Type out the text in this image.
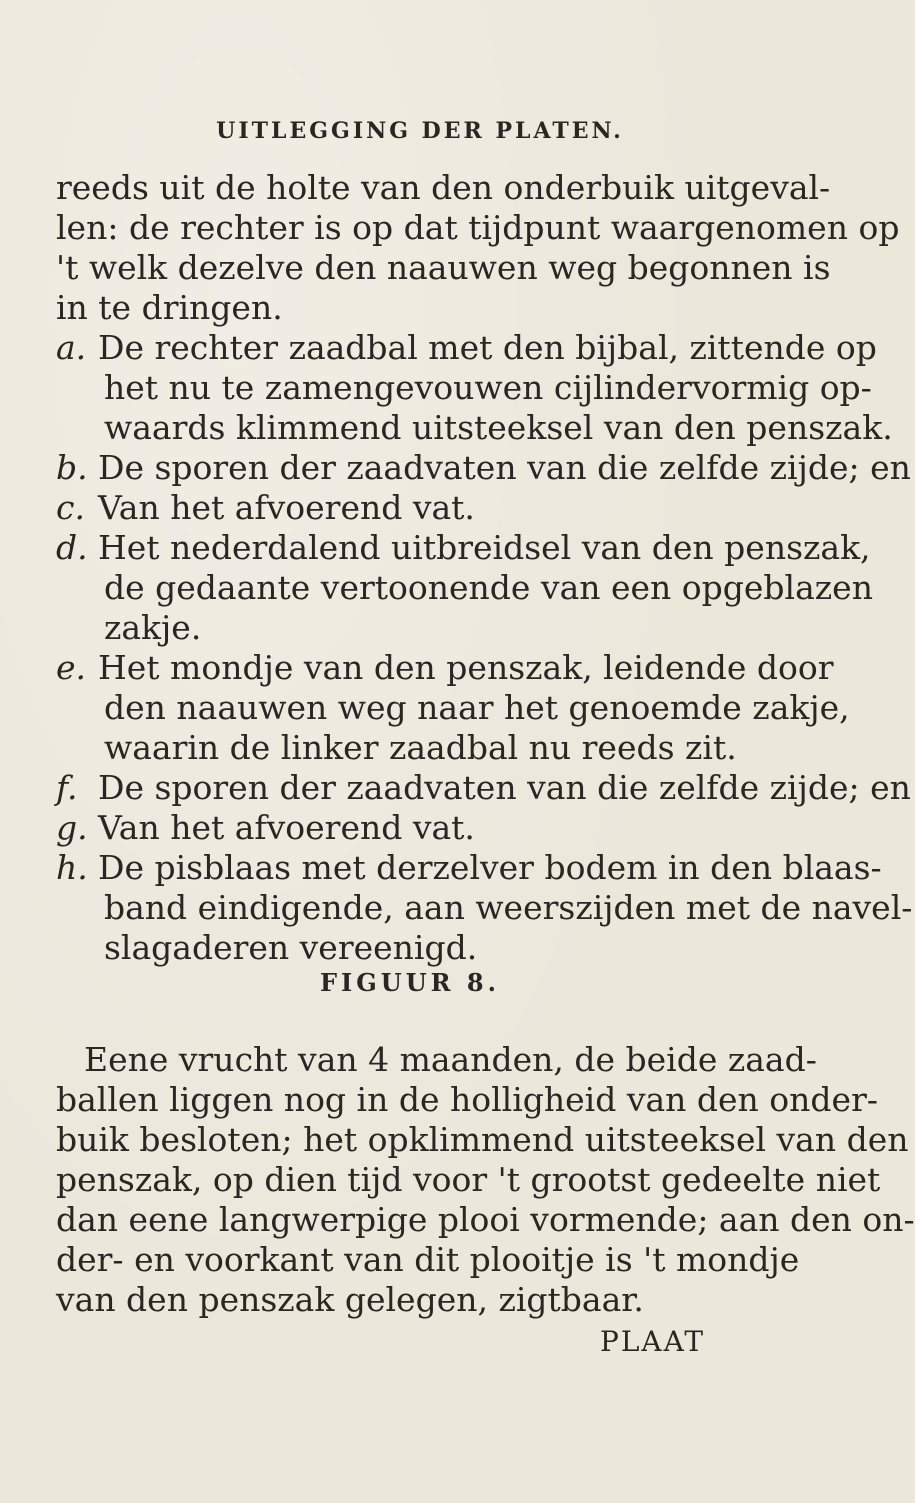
UITLEGGING DER PLATEN.
reeds uit de holte van den onderbuik uitgeval-
len: de rechter is op dat tijdpunt waargenomen op
't welk dezelve den naauwen weg begonnen is
in te dringen.
a. De rechter zaadbal met den bijbal, zittende op
het nu te zamengevouwen cijlindervormig op-
waards klimmend uitsteeksel van den penszak.
b. De sporen der zaadvaten van die zelfde zijde; en
c. Van het afvoerend vat.
d. Het nederdalend uitbreidsel van den penszak,
de gedaante vertoonende van een opgeblazen
zakje.
e. Het mondje van den penszak, leidende door
den naauwen weg naar het genoemde zakje,
waarin de linker zaadbal nu reeds zit.
f. De sporen der zaadvaten van die zelfde zijde; en
g. Van het afvoerend vat.
h. De pisblaas met derzelver bodem in den blaas-
band eindigende, aan weerszijden met de navel-
slagaderen vereenigd.
FIGUUR 8.
Eene vrucht van 4 maanden, de beide zaad-
ballen liggen nog in de holligheid van den onder-
buik besloten; het opklimmend uitsteeksel van den
penszak, op dien tijd voor 't grootst gedeelte niet
dan eene langwerpige plooi vormende; aan den on-
der- en voorkant van dit plooitje is 't mondje
van den penszak gelegen, zigtbaar.
PLAAT
